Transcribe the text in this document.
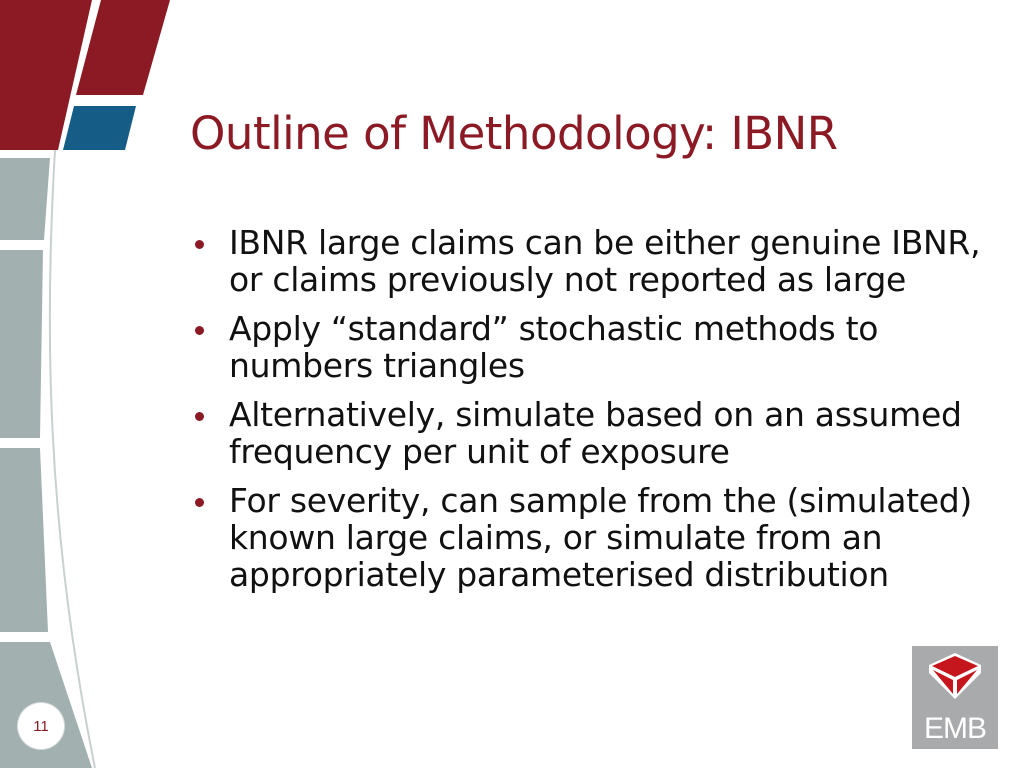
Outline of Methodology: IBNR
IBNR large claims can be either genuine IBNR, or claims previously not reported as large
Apply “standard” stochastic methods to numbers triangles
Alternatively, simulate based on an assumed frequency per unit of exposure
For severity, can sample from the (simulated) known large claims, or simulate from an appropriately parameterised distribution
11	EMB
